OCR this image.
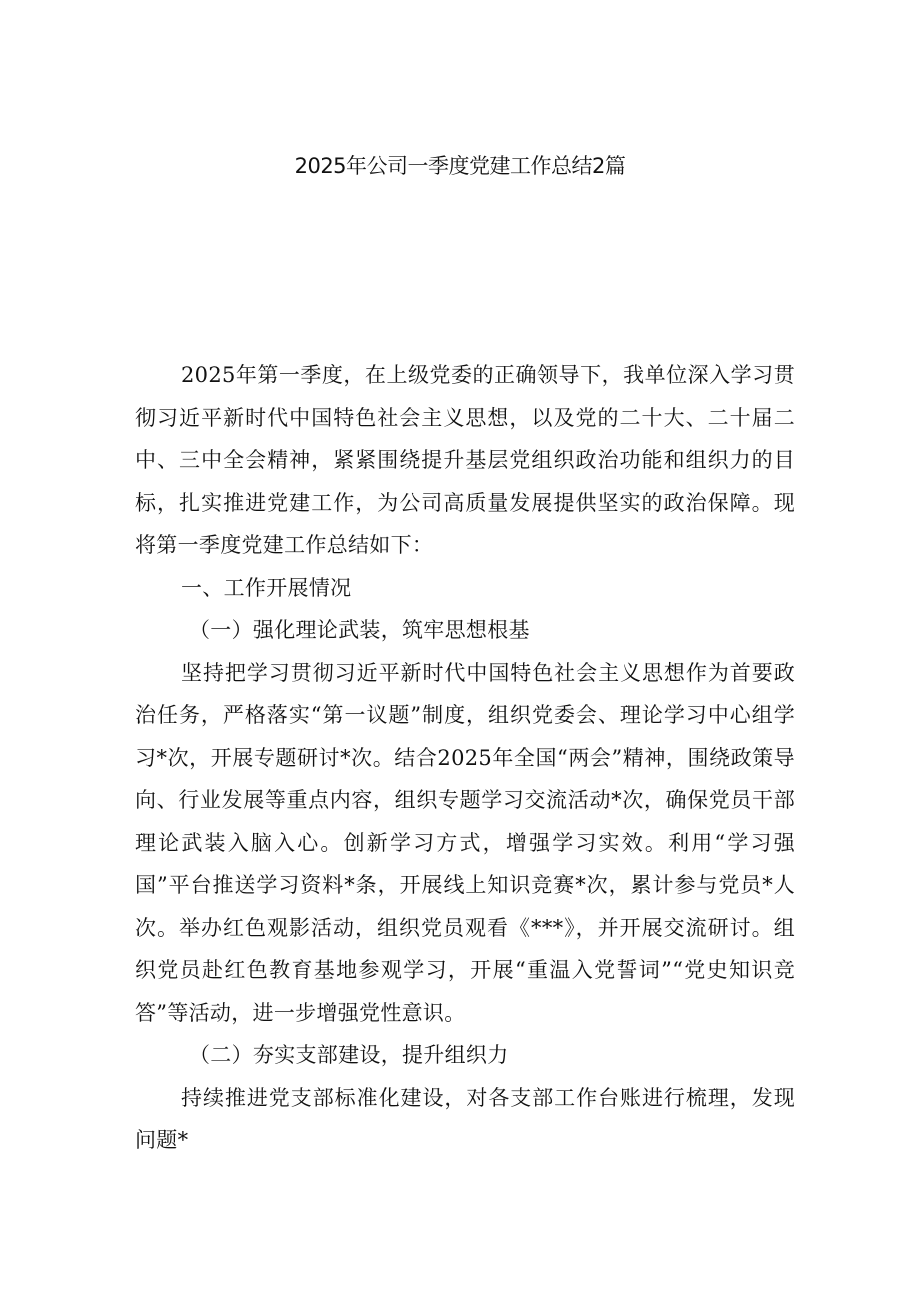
2025年公司一季度党建工作总结2篇

2025年第一季度，在上级党委的正确领导下，我单位深入学习贯彻习近平新时代中国特色社会主义思想，以及党的二十大、二十届二中、三中全会精神，紧紧围绕提升基层党组织政治功能和组织力的目标，扎实推进党建工作，为公司高质量发展提供坚实的政治保障。现将第一季度党建工作总结如下：

一、工作开展情况

（一）强化理论武装，筑牢思想根基

坚持把学习贯彻习近平新时代中国特色社会主义思想作为首要政治任务，严格落实“第一议题”制度，组织党委会、理论学习中心组学习*次，开展专题研讨*次。结合2025年全国“两会”精神，围绕政策导向、行业发展等重点内容，组织专题学习交流活动*次，确保党员干部理论武装入脑入心。创新学习方式，增强学习实效。利用“学习强国”平台推送学习资料*条，开展线上知识竞赛*次，累计参与党员*人次。举办红色观影活动，组织党员观看《***》，并开展交流研讨。组织党员赴红色教育基地参观学习，开展“重温入党誓词”“党史知识竞答”等活动，进一步增强党性意识。

（二）夯实支部建设，提升组织力

持续推进党支部标准化建设，对各支部工作台账进行梳理，发现问题*
